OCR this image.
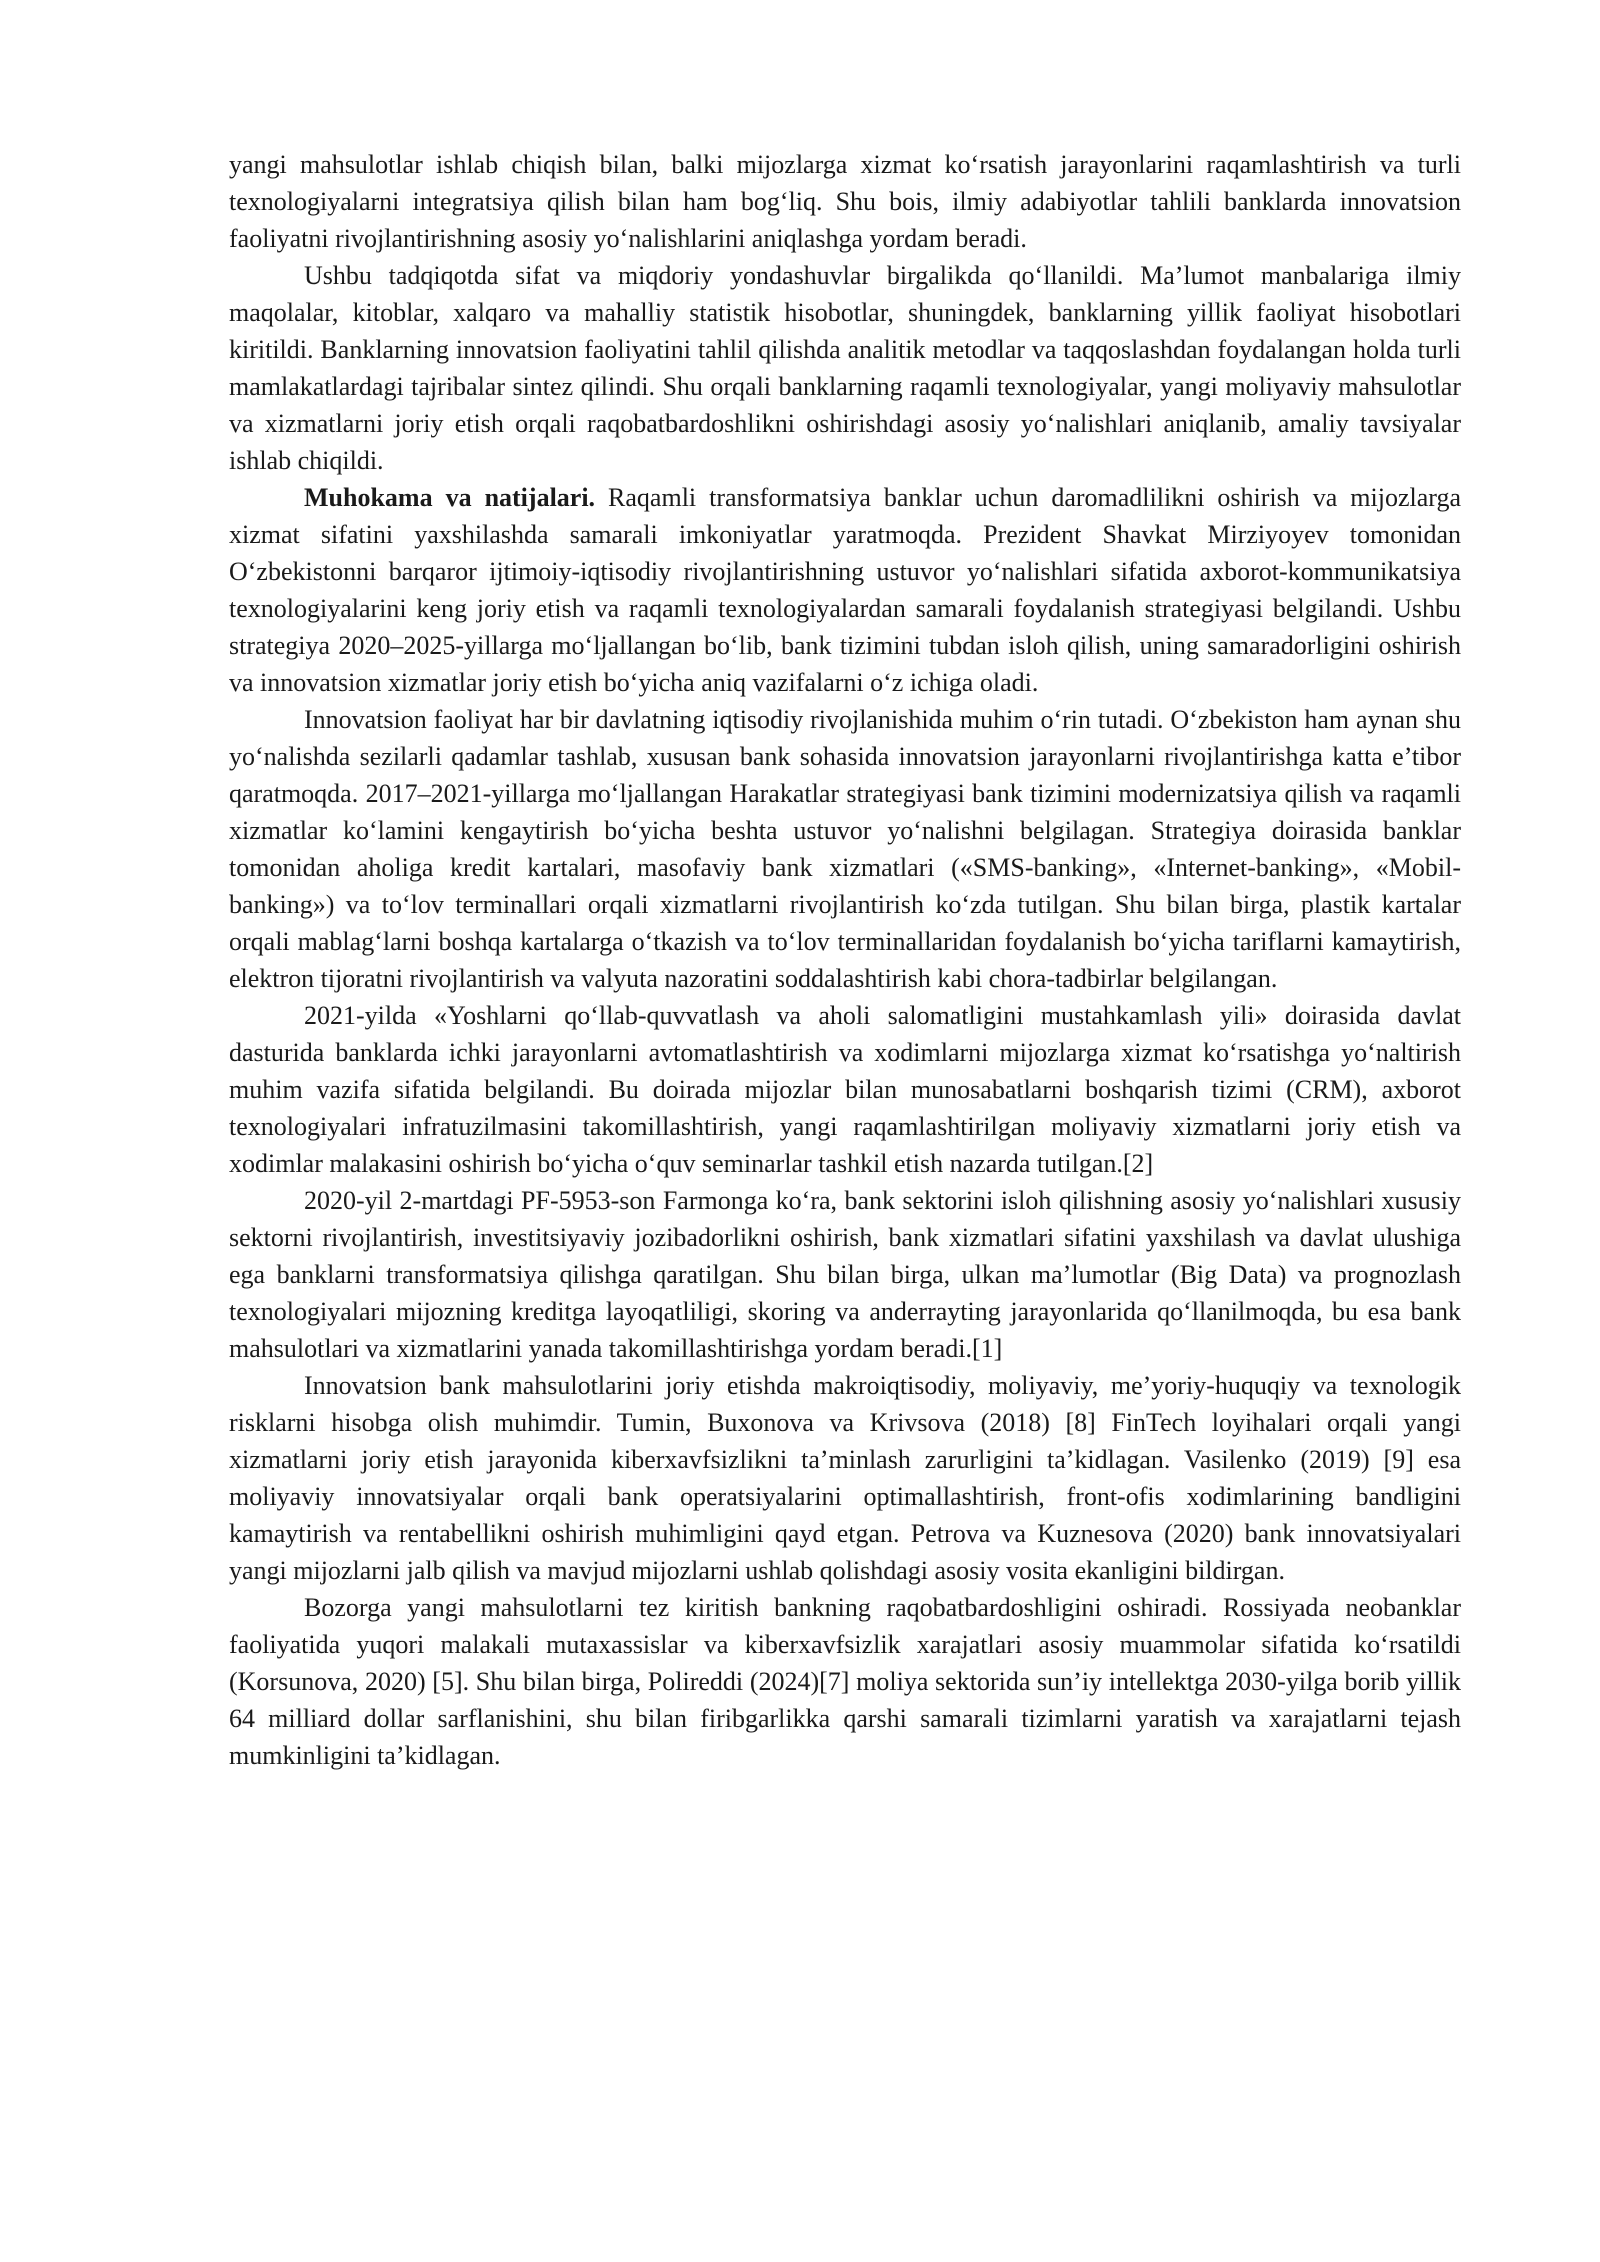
yangi mahsulotlar ishlab chiqish bilan, balki mijozlarga xizmat ko‘rsatish jarayonlarini raqamlashtirish va turli texnologiyalarni integratsiya qilish bilan ham bog‘liq. Shu bois, ilmiy adabiyotlar tahlili banklarda innovatsion faoliyatni rivojlantirishning asosiy yo‘nalishlarini aniqlashga yordam beradi.

Ushbu tadqiqotda sifat va miqdoriy yondashuvlar birgalikda qo‘llanildi. Ma’lumot manbalariga ilmiy maqolalar, kitoblar, xalqaro va mahalliy statistik hisobotlar, shuningdek, banklarning yillik faoliyat hisobotlari kiritildi. Banklarning innovatsion faoliyatini tahlil qilishda analitik metodlar va taqqoslashdan foydalangan holda turli mamlakatlardagi tajribalar sintez qilindi. Shu orqali banklarning raqamli texnologiyalar, yangi moliyaviy mahsulotlar va xizmatlarni joriy etish orqali raqobatbardoshlikni oshirishdagi asosiy yo‘nalishlari aniqlanib, amaliy tavsiyalar ishlab chiqildi.

Muhokama va natijalari. Raqamli transformatsiya banklar uchun daromadlilikni oshirish va mijozlarga xizmat sifatini yaxshilashda samarali imkoniyatlar yaratmoqda. Prezident Shavkat Mirziyoyev tomonidan O‘zbekistonni barqaror ijtimoiy-iqtisodiy rivojlantirishning ustuvor yo‘nalishlari sifatida axborot-kommunikatsiya texnologiyalarini keng joriy etish va raqamli texnologiyalardan samarali foydalanish strategiyasi belgilandi. Ushbu strategiya 2020–2025-yillarga mo‘ljallangan bo‘lib, bank tizimini tubdan isloh qilish, uning samaradorligini oshirish va innovatsion xizmatlar joriy etish bo‘yicha aniq vazifalarni o‘z ichiga oladi.

Innovatsion faoliyat har bir davlatning iqtisodiy rivojlanishida muhim o‘rin tutadi. O‘zbekiston ham aynan shu yo‘nalishda sezilarli qadamlar tashlab, xususan bank sohasida innovatsion jarayonlarni rivojlantirishga katta e’tibor qaratmoqda. 2017–2021-yillarga mo‘ljallangan Harakatlar strategiyasi bank tizimini modernizatsiya qilish va raqamli xizmatlar ko‘lamini kengaytirish bo‘yicha beshta ustuvor yo‘nalishni belgilagan. Strategiya doirasida banklar tomonidan aholiga kredit kartalari, masofaviy bank xizmatlari («SMS-banking», «Internet-banking», «Mobil-banking») va to‘lov terminallari orqali xizmatlarni rivojlantirish ko‘zda tutilgan. Shu bilan birga, plastik kartalar orqali mablag‘larni boshqa kartalarga o‘tkazish va to‘lov terminallaridan foydalanish bo‘yicha tariflarni kamaytirish, elektron tijoratni rivojlantirish va valyuta nazoratini soddalashtirish kabi chora-tadbirlar belgilangan.

2021-yilda «Yoshlarni qo‘llab-quvvatlash va aholi salomatligini mustahkamlash yili» doirasida davlat dasturida banklarda ichki jarayonlarni avtomatlashtirish va xodimlarni mijozlarga xizmat ko‘rsatishga yo‘naltirish muhim vazifa sifatida belgilandi. Bu doirada mijozlar bilan munosabatlarni boshqarish tizimi (CRM), axborot texnologiyalari infratuzilmasini takomillashtirish, yangi raqamlashtirilgan moliyaviy xizmatlarni joriy etish va xodimlar malakasini oshirish bo‘yicha o‘quv seminarlar tashkil etish nazarda tutilgan.[2]

2020-yil 2-martdagi PF-5953-son Farmonga ko‘ra, bank sektorini isloh qilishning asosiy yo‘nalishlari xususiy sektorni rivojlantirish, investitsiyaviy jozibadorlikni oshirish, bank xizmatlari sifatini yaxshilash va davlat ulushiga ega banklarni transformatsiya qilishga qaratilgan. Shu bilan birga, ulkan ma’lumotlar (Big Data) va prognozlash texnologiyalari mijozning kreditga layoqatliligi, skoring va anderrayting jarayonlarida qo‘llanilmoqda, bu esa bank mahsulotlari va xizmatlarini yanada takomillashtirishga yordam beradi.[1]

Innovatsion bank mahsulotlarini joriy etishda makroiqtisodiy, moliyaviy, me’yoriy-huquqiy va texnologik risklarni hisobga olish muhimdir. Tumin, Buxonova va Krivsova (2018) [8] FinTech loyihalari orqali yangi xizmatlarni joriy etish jarayonida kiberxavfsizlikni ta’minlash zarurligini ta’kidlagan. Vasilenko (2019) [9] esa moliyaviy innovatsiyalar orqali bank operatsiyalarini optimallashtirish, front-ofis xodimlarining bandligini kamaytirish va rentabellikni oshirish muhimligini qayd etgan. Petrova va Kuznesova (2020) bank innovatsiyalari yangi mijozlarni jalb qilish va mavjud mijozlarni ushlab qolishdagi asosiy vosita ekanligini bildirgan.

Bozorga yangi mahsulotlarni tez kiritish bankning raqobatbardoshligini oshiradi. Rossiyada neobanklar faoliyatida yuqori malakali mutaxassislar va kiberxavfsizlik xarajatlari asosiy muammolar sifatida ko‘rsatildi (Korsunova, 2020) [5]. Shu bilan birga, Polireddi (2024)[7] moliya sektorida sun’iy intellektga 2030-yilga borib yillik 64 milliard dollar sarflanishini, shu bilan firibgarlikka qarshi samarali tizimlarni yaratish va xarajatlarni tejash mumkinligini ta’kidlagan.
